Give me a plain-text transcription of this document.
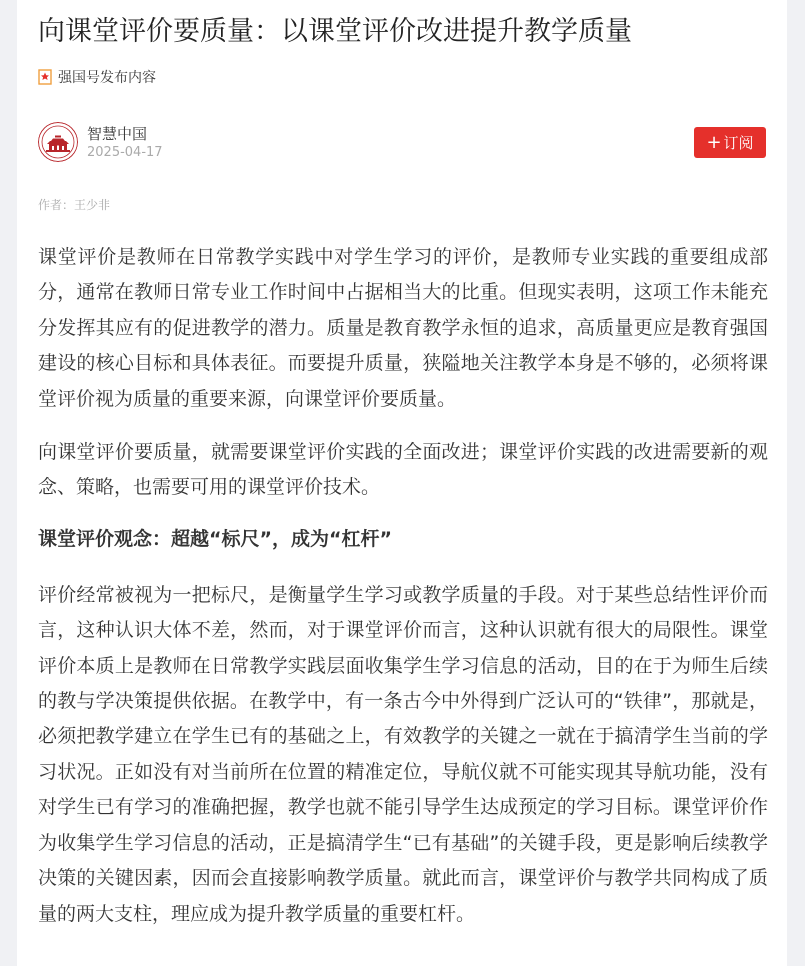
向课堂评价要质量：以课堂评价改进提升教学质量
强国号发布内容
智慧中国
2025-04-17	+ 订阅
作者：王少非

课堂评价是教师在日常教学实践中对学生学习的评价，是教师专业实践的重要组成部分，通常在教师日常专业工作时间中占据相当大的比重。但现实表明，这项工作未能充分发挥其应有的促进教学的潜力。质量是教育教学永恒的追求，高质量更应是教育强国建设的核心目标和具体表征。而要提升质量，狭隘地关注教学本身是不够的，必须将课堂评价视为质量的重要来源，向课堂评价要质量。

向课堂评价要质量，就需要课堂评价实践的全面改进；课堂评价实践的改进需要新的观念、策略，也需要可用的课堂评价技术。

课堂评价观念：超越“标尺”，成为“杠杆”

评价经常被视为一把标尺，是衡量学生学习或教学质量的手段。对于某些总结性评价而言，这种认识大体不差，然而，对于课堂评价而言，这种认识就有很大的局限性。课堂评价本质上是教师在日常教学实践层面收集学生学习信息的活动，目的在于为师生后续的教与学决策提供依据。在教学中，有一条古今中外得到广泛认可的“铁律”，那就是，必须把教学建立在学生已有的基础之上，有效教学的关键之一就在于搞清学生当前的学习状况。正如没有对当前所在位置的精准定位，导航仪就不可能实现其导航功能，没有对学生已有学习的准确把握，教学也就不能引导学生达成预定的学习目标。课堂评价作为收集学生学习信息的活动，正是搞清学生“已有基础”的关键手段，更是影响后续教学决策的关键因素，因而会直接影响教学质量。就此而言，课堂评价与教学共同构成了质量的两大支柱，理应成为提升教学质量的重要杠杆。
